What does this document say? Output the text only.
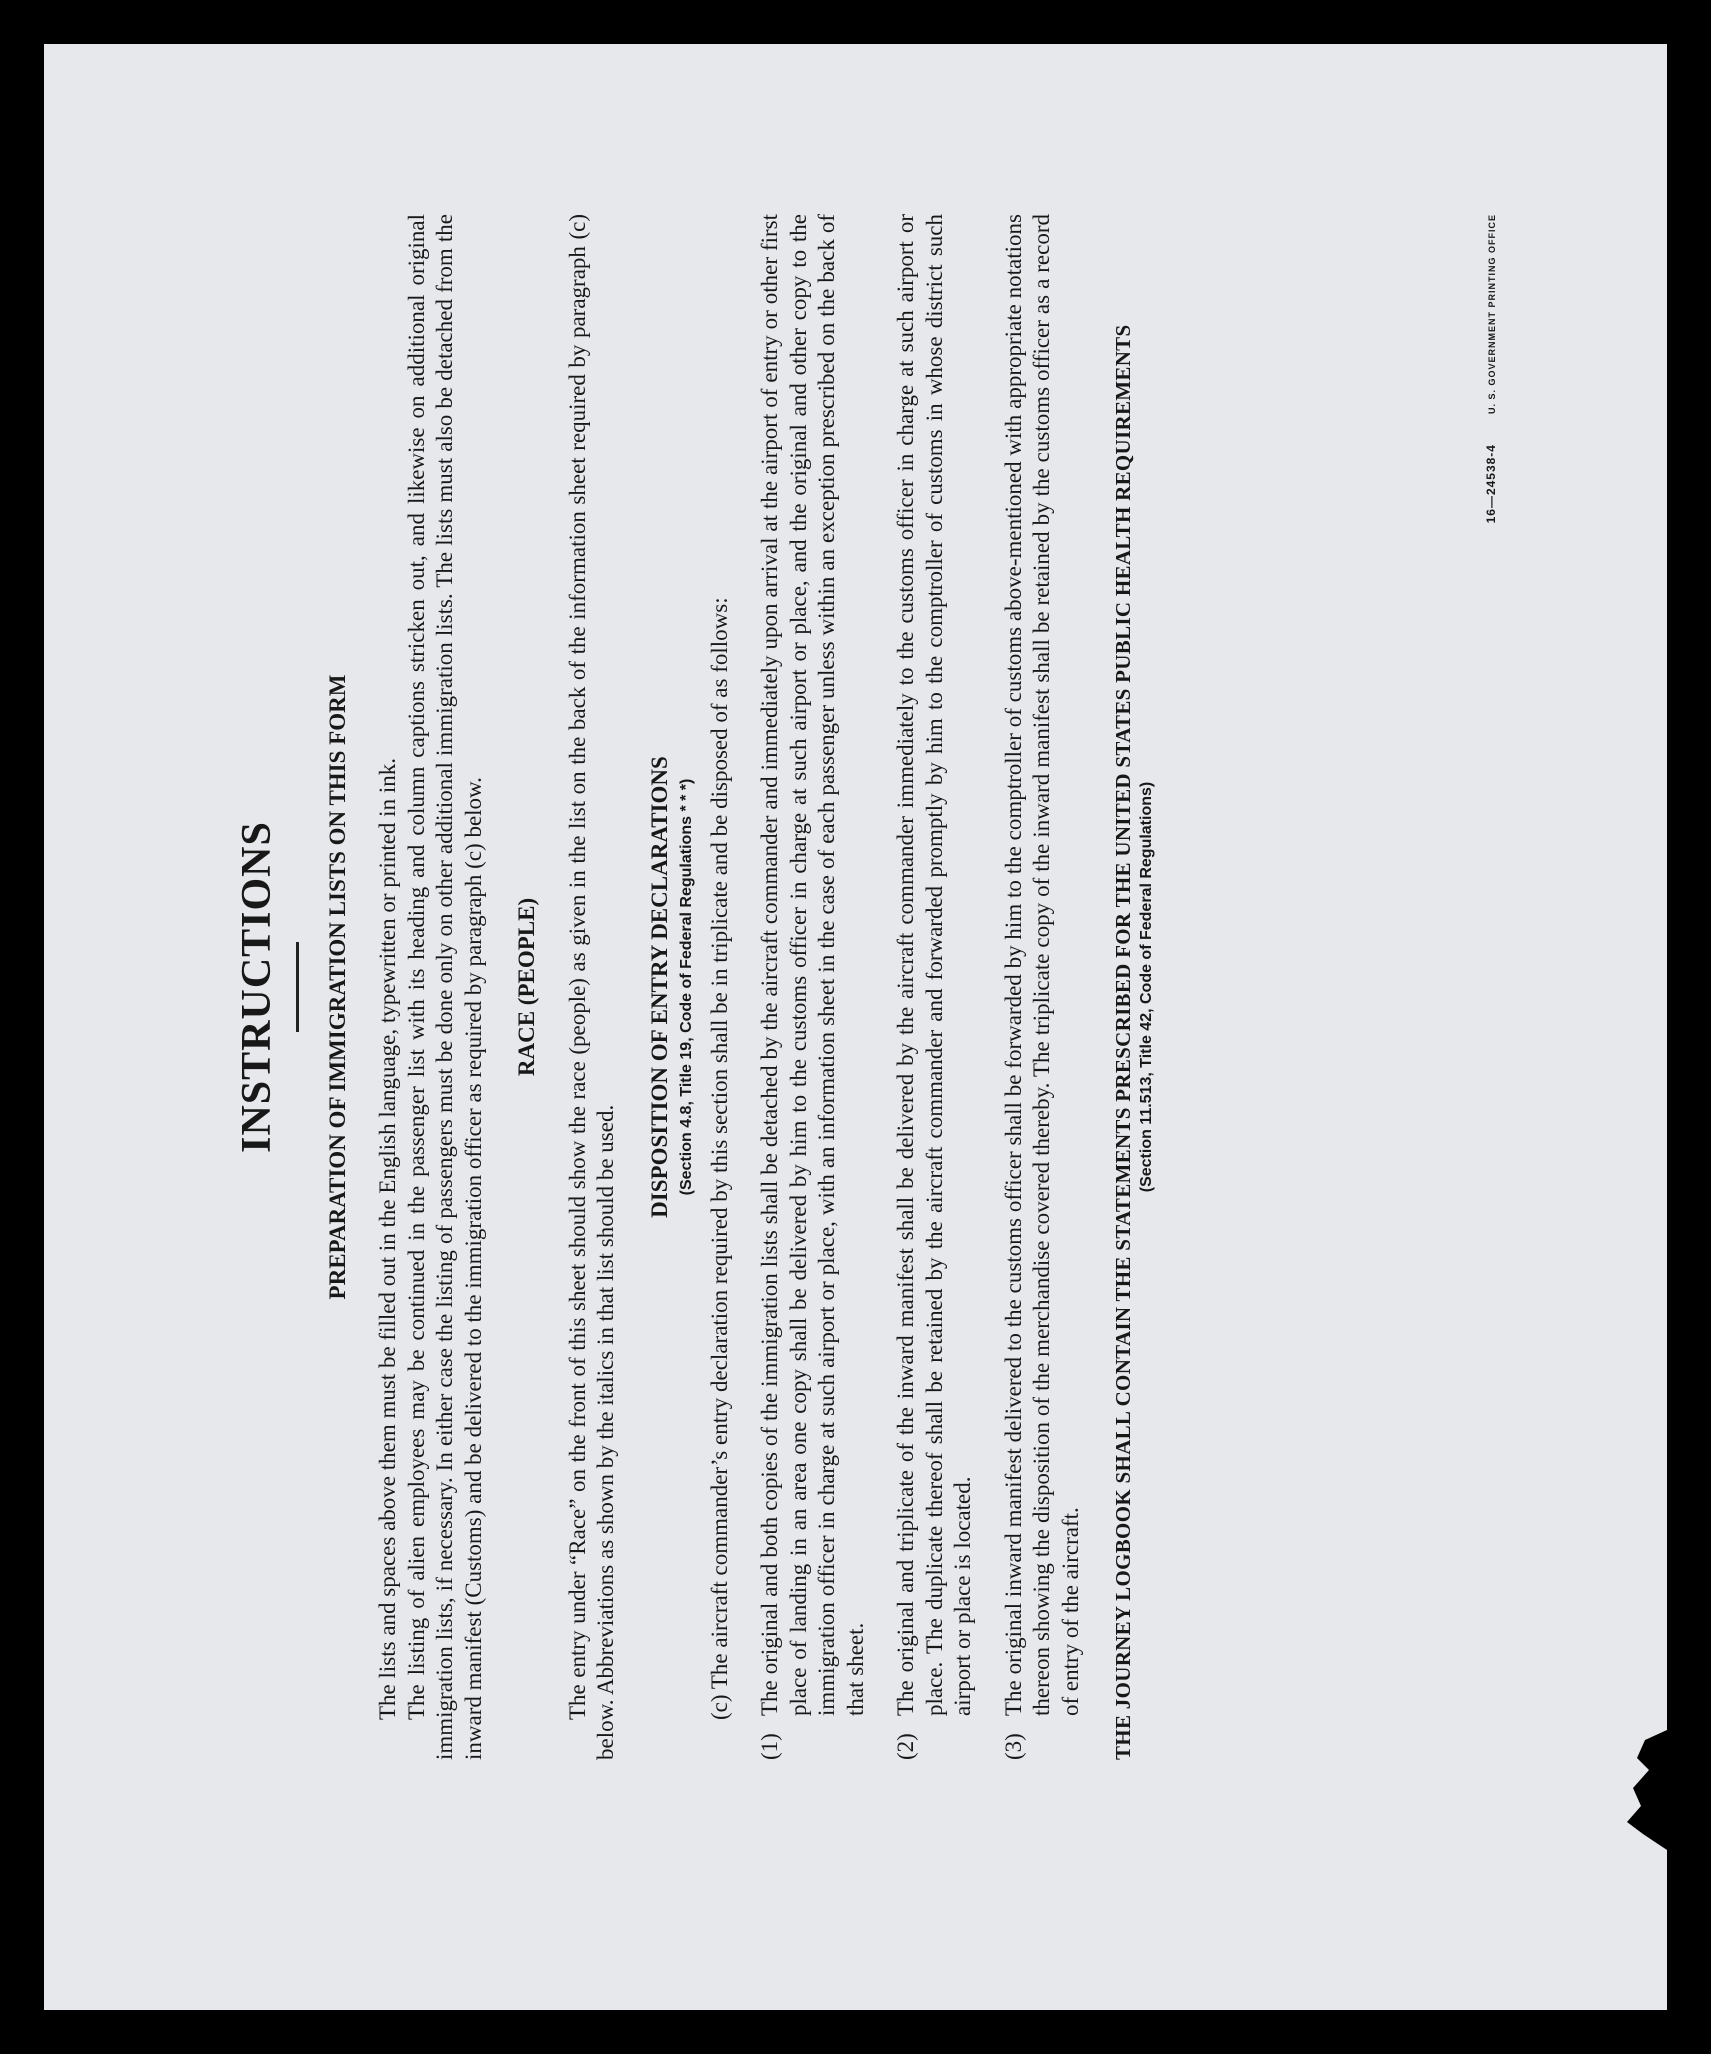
INSTRUCTIONS PREPARATION OF IMMIGRATION LISTS ON THIS FORM The lists and spaces above them must be filled out in the English language, typewritten or printed in ink. The listing of alien employees may be continued in the passenger list with its heading and column captions stricken out, and likewise on additional original immigration lists, if necessary. In either case the listing of passengers must be done only on other additional immigration lists. The lists must also be detached from the inward manifest (Customs) and be delivered to the immigration officer as required by paragraph (c) below. RACE (PEOPLE) The entry under “Race” on the front of this sheet should show the race (people) as given in the list on the back of the information sheet required by paragraph (c) below. Abbreviations as shown by the italics in that list should be used.

DISPOSITION OF ENTRY DECLARATIONS (Section 4.8, Title 19, Code of Federal Regulations * * *) (c) The aircraft commander’s entry declaration required by this section shall be in triplicate and be disposed of as follows:

(1)

The original and both copies of the immigration lists shall be detached by the aircraft commander and immediately upon arrival at the airport of entry or other first place of landing in an area one copy shall be delivered by him to the customs officer in charge at such airport or place, and the original and other copy to the immigration officer in charge at such airport or place, with an information sheet in the case of each passenger unless within an exception prescribed on the back of that sheet.

(2)

The original and triplicate of the inward manifest shall be delivered by the aircraft commander immediately to the customs officer in charge at such airport or place. The duplicate thereof shall be retained by the aircraft commander and forwarded promptly by him to the comptroller of customs in whose district such airport or place is located.

(3)

The original inward manifest delivered to the customs officer shall be forwarded by him to the comptroller of customs above-mentioned with appropriate notations thereon showing the disposition of the merchandise covered thereby. The triplicate copy of the inward manifest shall be retained by the customs officer as a record of entry of the aircraft. THE JOURNEY LOGBOOK SHALL CONTAIN THE STATEMENTS PRESCRIBED FOR THE UNITED STATES PUBLIC HEALTH REQUIREMENTS (Section 11.513, Title 42, Code of Federal Regulations)
16—24538-4U. S. GOVERNMENT PRINTING OFFICE
